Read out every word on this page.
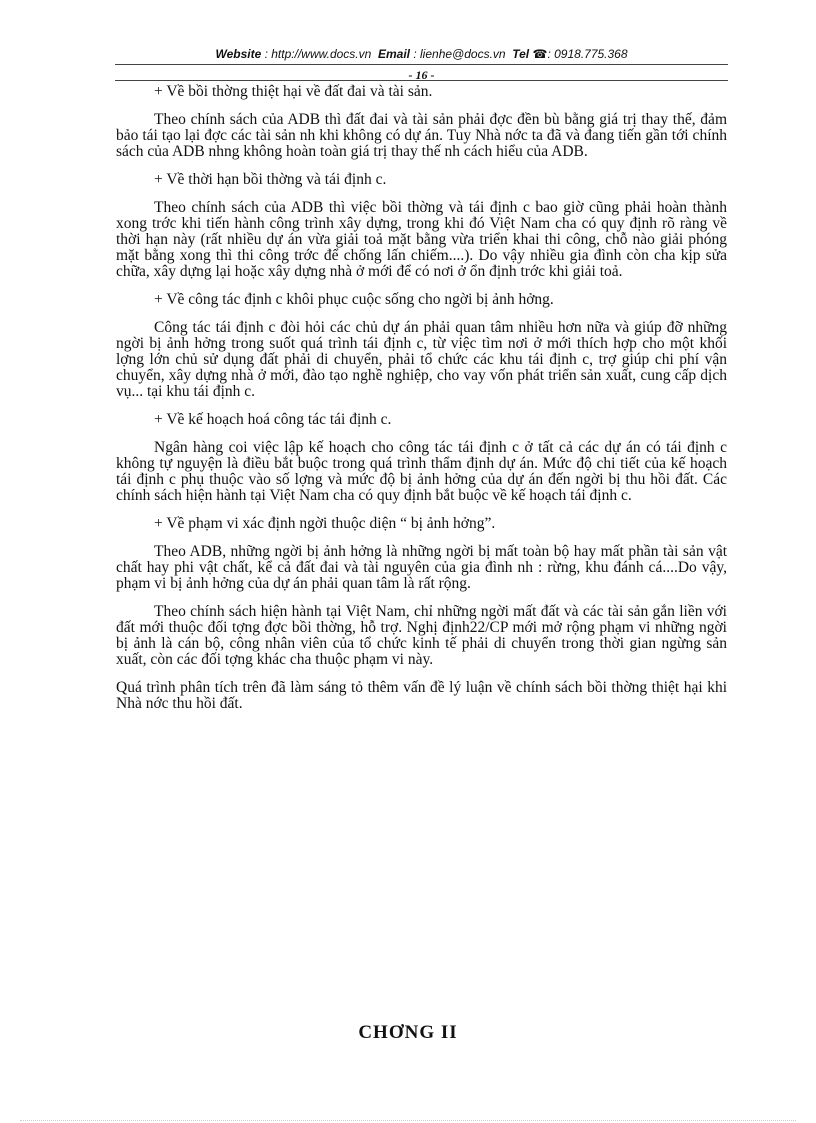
Website : http://www.docs.vn Email : lienhe@docs.vn Tel ☎: 0918.775.368
- 16 -

+ Về bồi thờng thiệt hại về đất đai và tài sản.

Theo chính sách của ADB thì đất đai và tài sản phải đợc đền bù bằng giá trị thay thế, đảm bảo tái tạo lại đợc các tài sản nh khi không có dự án. Tuy Nhà nớc ta đã và đang tiến gần tới chính sách của ADB nhng không hoàn toàn giá trị thay thế nh cách hiểu của ADB.

+ Về thời hạn bồi thờng và tái định c.

Theo chính sách của ADB thì việc bồi thờng và tái định c bao giờ cũng phải hoàn thành xong trớc khi tiến hành công trình xây dựng, trong khi đó Việt Nam cha có quy định rõ ràng về thời hạn này (rất nhiều dự án vừa giải toả mặt bằng vừa triển khai thi công, chỗ nào giải phóng mặt bằng xong thì thi công trớc để chống lấn chiếm....). Do vậy nhiều gia đình còn cha kịp sửa chữa, xây dựng lại hoặc xây dựng nhà ở mới để có nơi ở ổn định trớc khi giải toả.

+ Về công tác định c khôi phục cuộc sống cho ngời bị ảnh hởng.

Công tác tái định c đòi hỏi các chủ dự án phải quan tâm nhiều hơn nữa và giúp đỡ những ngời bị ảnh hởng trong suốt quá trình tái định c, từ việc tìm nơi ở mới thích hợp cho một khối lợng lớn chủ sử dụng đất phải di chuyển, phải tổ chức các khu tái định c, trợ giúp chi phí vận chuyển, xây dựng nhà ở mới, đào tạo nghề nghiệp, cho vay vốn phát triển sản xuất, cung cấp dịch vụ... tại khu tái định c.

+ Về kế hoạch hoá công tác tái định c.

Ngân hàng coi việc lập kế hoạch cho công tác tái định c ở tất cả các dự án có tái định c không tự nguyện là điều bắt buộc trong quá trình thẩm định dự án. Mức độ chi tiết của kế hoạch tái định c phụ thuộc vào số lợng và mức độ bị ảnh hởng của dự án đến ngời bị thu hồi đất. Các chính sách hiện hành tại Việt Nam cha có quy định bắt buộc về kế hoạch tái định c.

+ Về phạm vi xác định ngời thuộc diện “ bị ảnh hởng”.

Theo ADB, những ngời bị ảnh hởng là những ngời bị mất toàn bộ hay mất phần tài sản vật chất hay phi vật chất, kể cả đất đai và tài nguyên của gia đình nh : rừng, khu đánh cá....Do vậy, phạm vi bị ảnh hởng của dự án phải quan tâm là rất rộng.

Theo chính sách hiện hành tại Việt Nam, chỉ những ngời mất đất và các tài sản gắn liền với đất mới thuộc đối tợng đợc bồi thờng, hỗ trợ. Nghị định22/CP mới mở rộng phạm vi những ngời bị ảnh là cán bộ, công nhân viên của tổ chức kinh tế phải di chuyển trong thời gian ngừng sản xuất, còn các đối tợng khác cha thuộc phạm vi này.

Quá trình phân tích trên đã làm sáng tỏ thêm vấn đề lý luận về chính sách bồi thờng thiệt hại khi Nhà nớc thu hồi đất.

CHƠNG II
